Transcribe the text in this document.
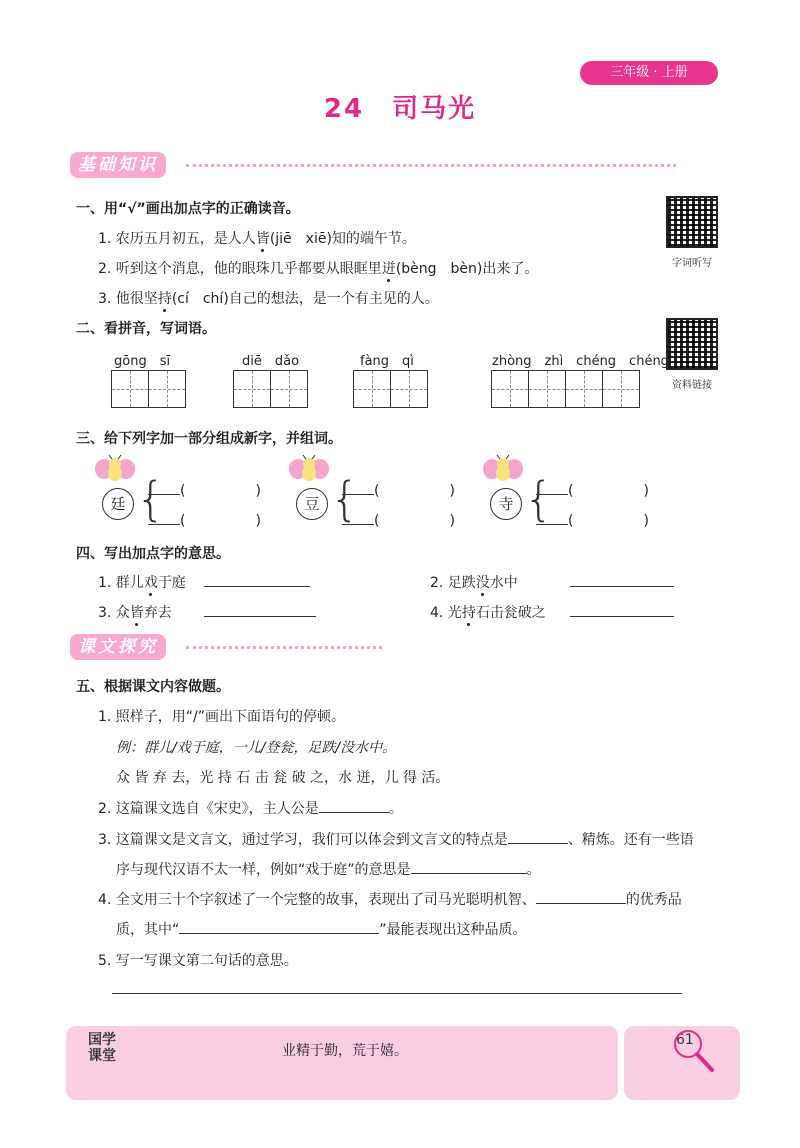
三年级 · 上册
24　司马光
基础知识
一、用“√”画出加点字的正确读音。
1. 农历五月初五，是人人皆(jiē　xiē)知的端午节。
2. 听到这个消息，他的眼珠几乎都要从眼眶里迸(bèng　bèn)出来了。
3. 他很坚持(cí　chí)自己的想法，是一个有主见的人。
字词听写
资料链接
二、看拼音，写词语。
gōng　sī	diē　dǎo	fàng　qì	zhòng　zhì　chéng　chéng
三、给下列字加一部分组成新字，并组词。
廷 {	(　　　　　)
(　　　　　)
豆 {	(　　　　　)
(　　　　　)
寺 {	(　　　　　)
(　　　　　)
四、写出加点字的意思。
1. 群儿戏于庭	2. 足跌没水中
3. 众皆弃去	4. 光持石击瓮破之
课文探究
五、根据课文内容做题。
1. 照样子，用“/”画出下面语句的停顿。
例：群儿/戏于庭，一儿/登瓮，足跌/没水中。
众 皆 弃 去，光 持 石 击 瓮 破 之，水 迸，儿 得 活。
2. 这篇课文选自《宋史》，主人公是	。
3. 这篇课文是文言文，通过学习，我们可以体会到文言文的特点是	、精炼。还有一些语
序与现代汉语不太一样，例如“戏于庭”的意思是	。
4. 全文用三十个字叙述了一个完整的故事，表现出了司马光聪明机智、	的优秀品
质，其中“	”最能表现出这种品质。
5. 写一写课文第二句话的意思。
国学
课堂	业精于勤，荒于嬉。
61
